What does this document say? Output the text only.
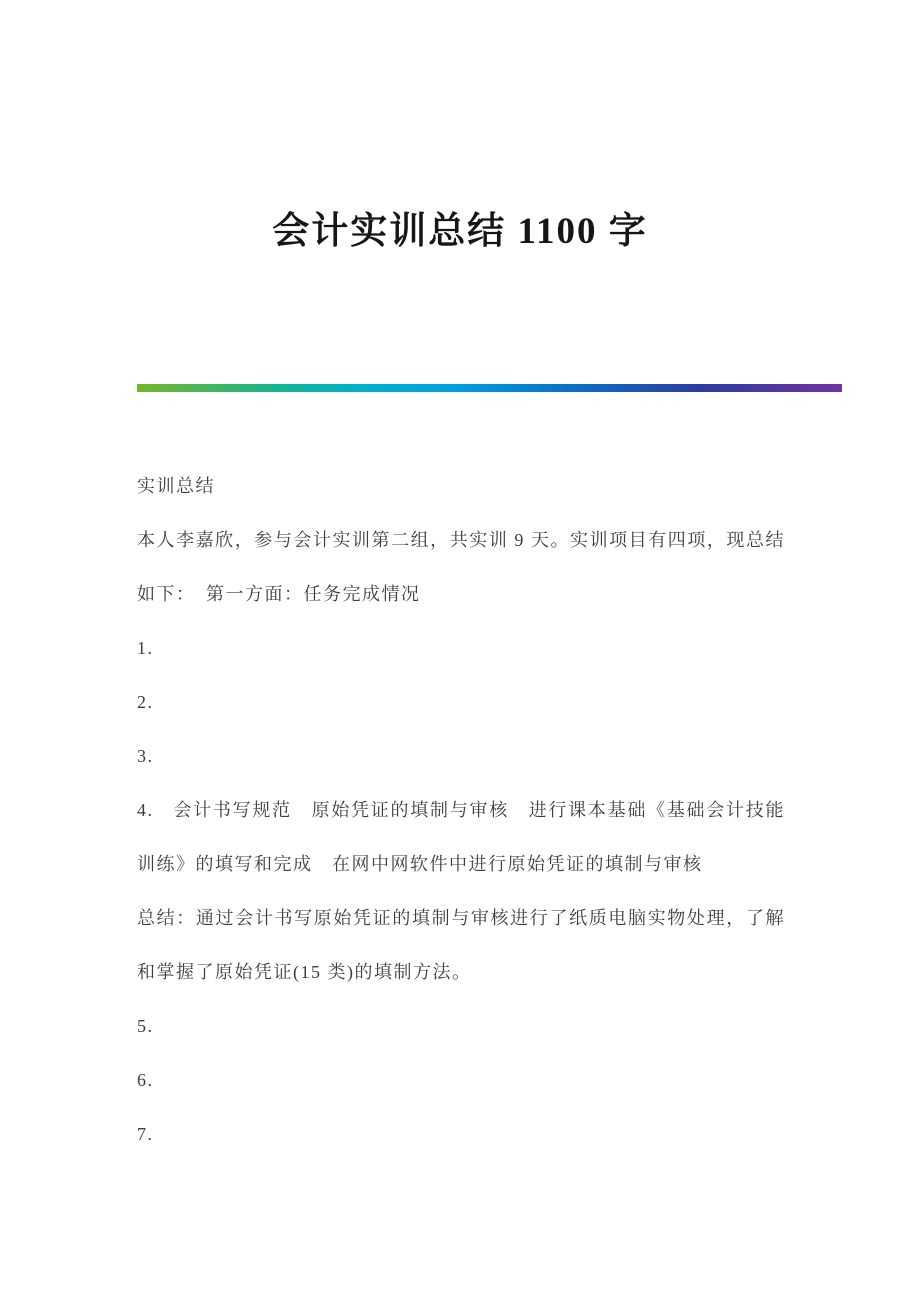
会计实训总结 1100 字

实训总结

本人李嘉欣，参与会计实训第二组，共实训 9 天。实训项目有四项，现总结如下：　第一方面：任务完成情况

1.

2.

3.

4.　会计书写规范　原始凭证的填制与审核　进行课本基础《基础会计技能训练》的填写和完成　在网中网软件中进行原始凭证的填制与审核

总结：通过会计书写原始凭证的填制与审核进行了纸质电脑实物处理，了解和掌握了原始凭证(15 类)的填制方法。

5.

6.

7.
